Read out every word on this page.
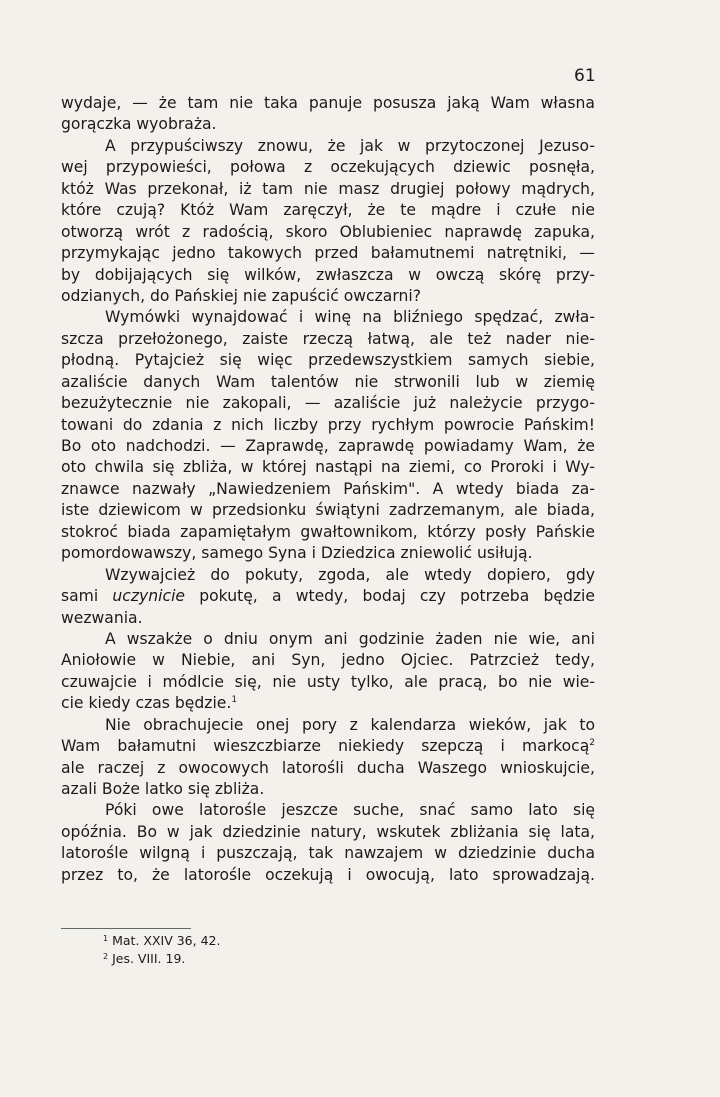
61
wydaje, — że tam nie taka panuje posusza jaką Wam własna
gorączka wyobraża.
A przypuściwszy znowu, że jak w przytoczonej Jezuso-
wej przypowieści, połowa z oczekujących dziewic posnęła,
któż Was przekonał, iż tam nie masz drugiej połowy mądrych,
które czują? Któż Wam zaręczył, że te mądre i czułe nie
otworzą wrót z radością, skoro Oblubieniec naprawdę zapuka,
przymykając jedno takowych przed bałamutnemi natrętniki, —
by dobijających się wilków, zwłaszcza w owczą skórę przy-
odzianych, do Pańskiej nie zapuścić owczarni?
Wymówki wynajdować i winę na bliźniego spędzać, zwła-
szcza przełożonego, zaiste rzeczą łatwą, ale też nader nie-
płodną. Pytajcież się więc przedewszystkiem samych siebie,
azaliście danych Wam talentów nie strwonili lub w ziemię
bezużytecznie nie zakopali, — azaliście już należycie przygo-
towani do zdania z nich liczby przy rychłym powrocie Pańskim!
Bo oto nadchodzi. — Zaprawdę, zaprawdę powiadamy Wam, że
oto chwila się zbliża, w której nastąpi na ziemi, co Proroki i Wy-
znawce nazwały „Nawiedzeniem Pańskim". A wtedy biada za-
iste dziewicom w przedsionku świątyni zadrzemanym, ale biada,
stokroć biada zapamiętałym gwałtownikom, którzy posły Pańskie
pomordowawszy, samego Syna i Dziedzica zniewolić usiłują.
Wzywajcież do pokuty, zgoda, ale wtedy dopiero, gdy
sami uczynicie pokutę, a wtedy, bodaj czy potrzeba będzie
wezwania.
A wszakże o dniu onym ani godzinie żaden nie wie, ani
Aniołowie w Niebie, ani Syn, jedno Ojciec. Patrzcież tedy,
czuwajcie i módlcie się, nie usty tylko, ale pracą, bo nie wie-
cie kiedy czas będzie.$^1$
Nie obrachujecie onej pory z kalendarza wieków, jak to
Wam bałamutni wieszczbiarze niekiedy szepczą i markocą$^2$
ale raczej z owocowych latorośli ducha Waszego wnioskujcie,
azali Boże latko się zbliża.
Póki owe latorośle jeszcze suche, snać samo lato się
opóźnia. Bo w jak dziedzinie natury, wskutek zbliżania się lata,
latorośle wilgną i puszczają, tak nawzajem w dziedzinie ducha
przez to, że latorośle oczekują i owocują, lato sprowadzają.
$^1$ Mat. XXIV 36, 42.
$^2$ Jes. VIII. 19.
